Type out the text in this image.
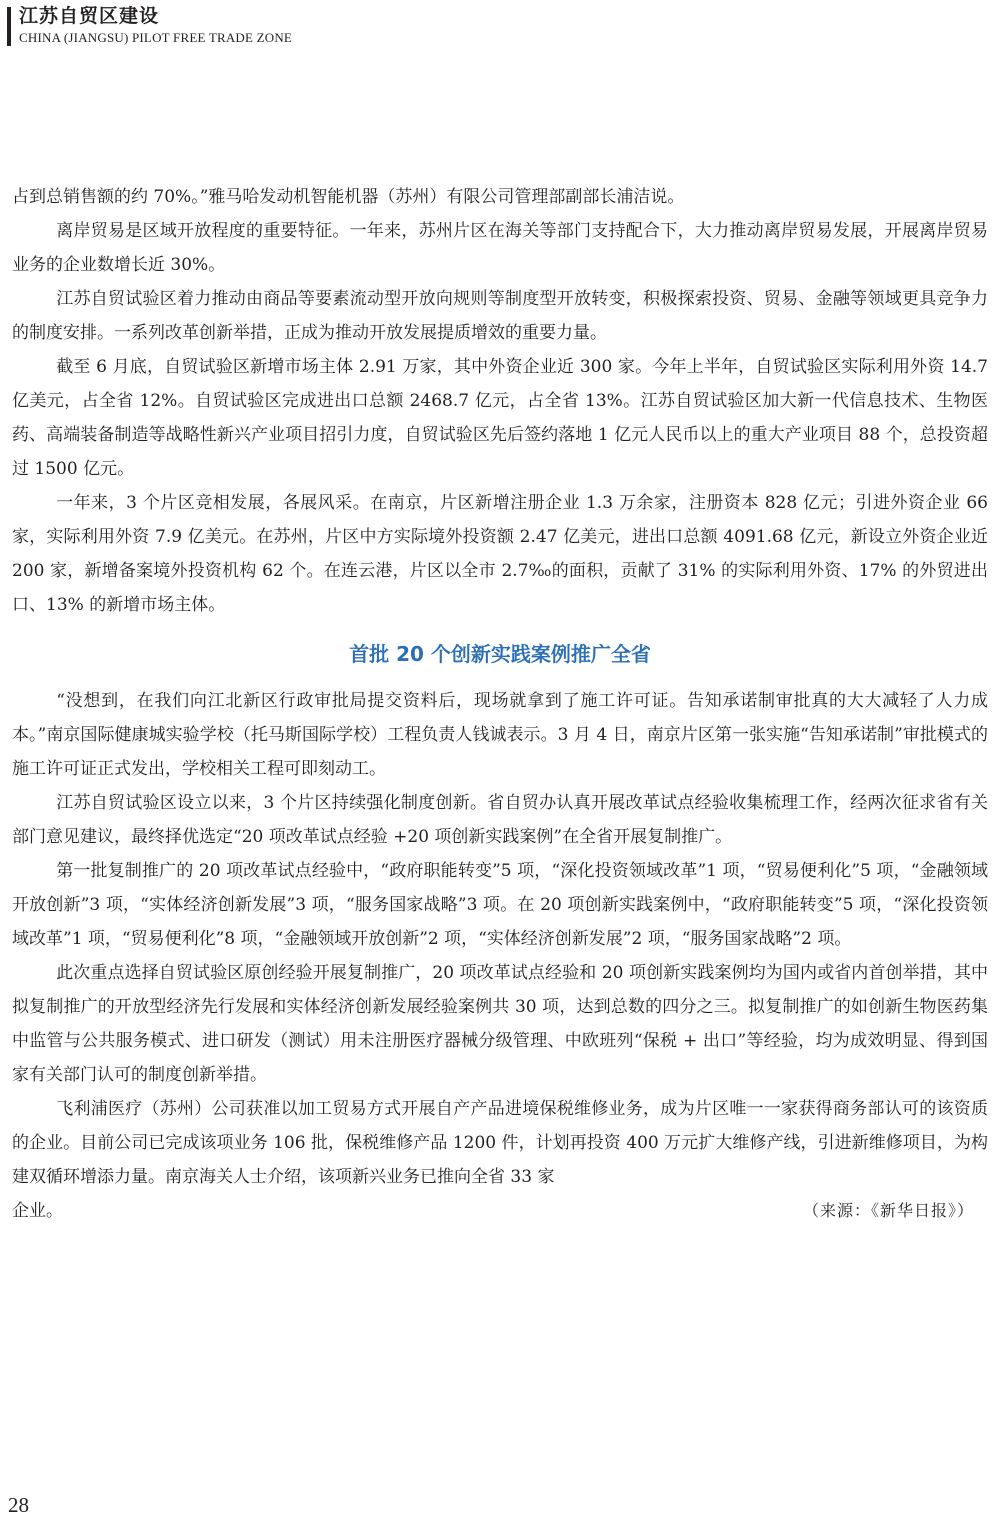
江苏自贸区建设
CHINA (JIANGSU) PILOT FREE TRADE ZONE

占到总销售额的约 70%。”雅马哈发动机智能机器（苏州）有限公司管理部副部长浦洁说。

离岸贸易是区域开放程度的重要特征。一年来，苏州片区在海关等部门支持配合下，大力推动离岸贸易发展，开展离岸贸易业务的企业数增长近 30%。

江苏自贸试验区着力推动由商品等要素流动型开放向规则等制度型开放转变，积极探索投资、贸易、金融等领域更具竞争力的制度安排。一系列改革创新举措，正成为推动开放发展提质增效的重要力量。

截至 6 月底，自贸试验区新增市场主体 2.91 万家，其中外资企业近 300 家。今年上半年，自贸试验区实际利用外资 14.7 亿美元，占全省 12%。自贸试验区完成进出口总额 2468.7 亿元，占全省 13%。江苏自贸试验区加大新一代信息技术、生物医药、高端装备制造等战略性新兴产业项目招引力度，自贸试验区先后签约落地 1 亿元人民币以上的重大产业项目 88 个，总投资超过 1500 亿元。

一年来，3 个片区竞相发展，各展风采。在南京，片区新增注册企业 1.3 万余家，注册资本 828 亿元；引进外资企业 66 家，实际利用外资 7.9 亿美元。在苏州，片区中方实际境外投资额 2.47 亿美元，进出口总额 4091.68 亿元，新设立外资企业近 200 家，新增备案境外投资机构 62 个。在连云港，片区以全市 2.7‰的面积，贡献了 31% 的实际利用外资、17% 的外贸进出口、13% 的新增市场主体。

首批 20 个创新实践案例推广全省

“没想到，在我们向江北新区行政审批局提交资料后，现场就拿到了施工许可证。告知承诺制审批真的大大减轻了人力成本。”南京国际健康城实验学校（托马斯国际学校）工程负责人钱诚表示。3 月 4 日，南京片区第一张实施“告知承诺制”审批模式的施工许可证正式发出，学校相关工程可即刻动工。

江苏自贸试验区设立以来，3 个片区持续强化制度创新。省自贸办认真开展改革试点经验收集梳理工作，经两次征求省有关部门意见建议，最终择优选定“20 项改革试点经验 +20 项创新实践案例”在全省开展复制推广。

第一批复制推广的 20 项改革试点经验中，“政府职能转变”5 项，“深化投资领域改革”1 项，“贸易便利化”5 项，“金融领域开放创新”3 项，“实体经济创新发展”3 项，“服务国家战略”3 项。在 20 项创新实践案例中，“政府职能转变”5 项，“深化投资领域改革”1 项，“贸易便利化”8 项，“金融领域开放创新”2 项，“实体经济创新发展”2 项，“服务国家战略”2 项。

此次重点选择自贸试验区原创经验开展复制推广，20 项改革试点经验和 20 项创新实践案例均为国内或省内首创举措，其中拟复制推广的开放型经济先行发展和实体经济创新发展经验案例共 30 项，达到总数的四分之三。拟复制推广的如创新生物医药集中监管与公共服务模式、进口研发（测试）用未注册医疗器械分级管理、中欧班列“保税 + 出口”等经验，均为成效明显、得到国家有关部门认可的制度创新举措。

飞利浦医疗（苏州）公司获准以加工贸易方式开展自产产品进境保税维修业务，成为片区唯一一家获得商务部认可的该资质的企业。目前公司已完成该项业务 106 批，保税维修产品 1200 件，计划再投资 400 万元扩大维修产线，引进新维修项目，为构建双循环增添力量。南京海关人士介绍，该项新兴业务已推向全省 33 家

企业。	（来源：《新华日报》）
28
